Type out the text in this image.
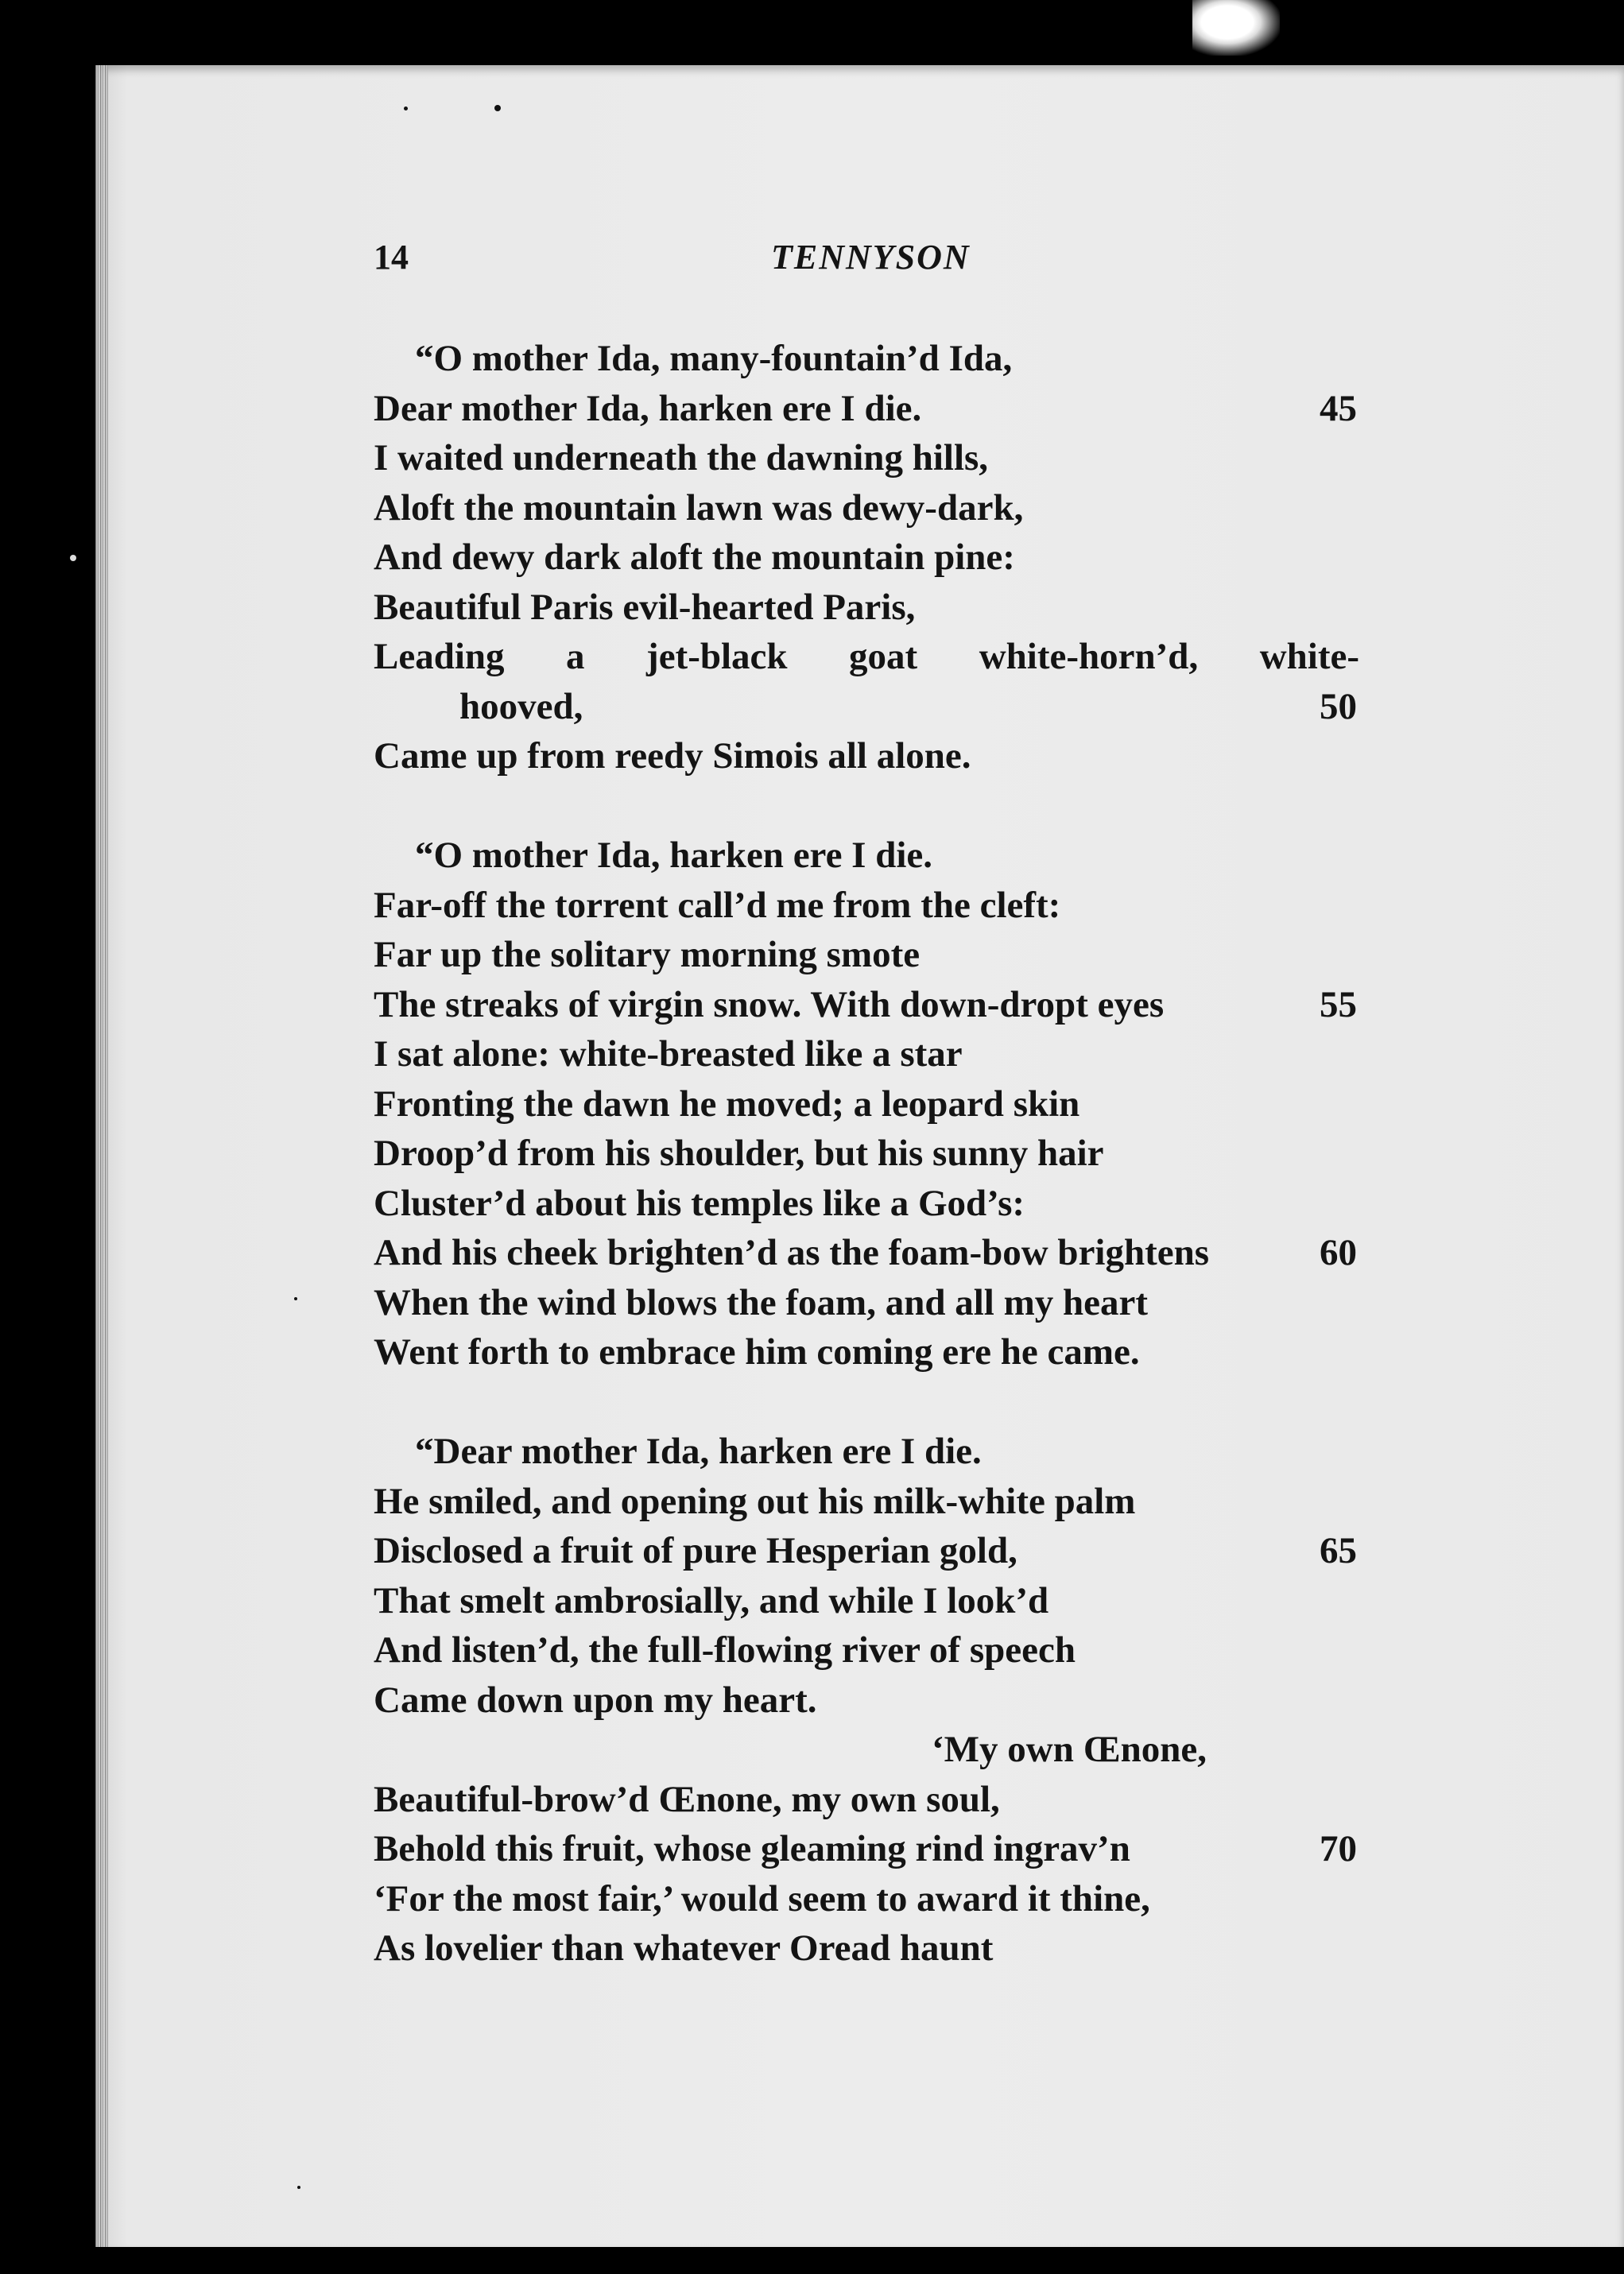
14	TENNYSON
“O mother Ida, many-fountain’d Ida,
Dear mother Ida, harken ere I die.	45
I waited underneath the dawning hills,
Aloft the mountain lawn was dewy-dark,
And dewy dark aloft the mountain pine:
Beautiful Paris evil-hearted Paris,
Leading a jet-black goat white-horn’d, white-
hooved,	50
Came up from reedy Simois all alone.
“O mother Ida, harken ere I die.
Far-off the torrent call’d me from the cleft:
Far up the solitary morning smote
The streaks of virgin snow. With down-dropt eyes	55
I sat alone: white-breasted like a star
Fronting the dawn he moved; a leopard skin
Droop’d from his shoulder, but his sunny hair
Cluster’d about his temples like a God’s:
And his cheek brighten’d as the foam-bow brightens	60
When the wind blows the foam, and all my heart
Went forth to embrace him coming ere he came.
“Dear mother Ida, harken ere I die.
He smiled, and opening out his milk-white palm
Disclosed a fruit of pure Hesperian gold,	65
That smelt ambrosially, and while I look’d
And listen’d, the full-flowing river of speech
Came down upon my heart.
‘My own Œnone,
Beautiful-brow’d Œnone, my own soul,
Behold this fruit, whose gleaming rind ingrav’n	70
‘For the most fair,’ would seem to award it thine,
As lovelier than whatever Oread haunt
